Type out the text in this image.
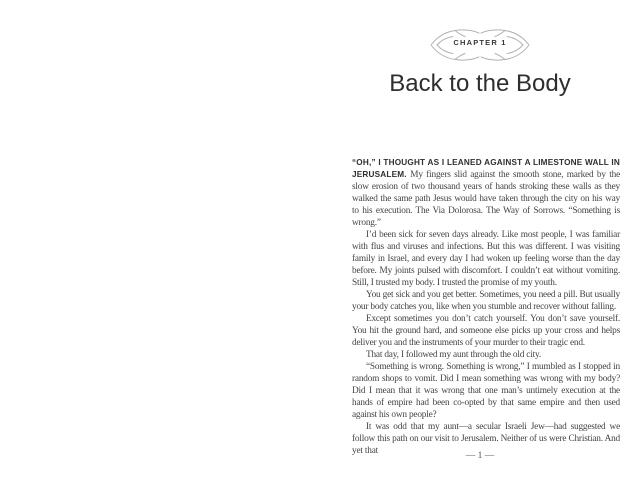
CHAPTER 1
Back to the Body

“OH,” I THOUGHT AS I LEANED AGAINST A LIMESTONE WALL IN JERUSALEM. My fingers slid against the smooth stone, marked by the slow erosion of two thousand years of hands stroking these walls as they walked the same path Jesus would have taken through the city on his way to his execution. The Via Dolorosa. The Way of Sorrows. “Something is wrong.”

I’d been sick for seven days already. Like most people, I was familiar with flus and viruses and infections. But this was different. I was visiting family in Israel, and every day I had woken up feeling worse than the day before. My joints pulsed with discomfort. I couldn’t eat without vomiting. Still, I trusted my body. I trusted the promise of my youth.

You get sick and you get better. Sometimes, you need a pill. But usually your body catches you, like when you stumble and recover without falling.

Except sometimes you don’t catch yourself. You don’t save yourself. You hit the ground hard, and someone else picks up your cross and helps deliver you and the instruments of your murder to their tragic end.

That day, I followed my aunt through the old city.

“Something is wrong. Something is wrong,” I mumbled as I stopped in random shops to vomit. Did I mean something was wrong with my body? Did I mean that it was wrong that one man’s untimely execution at the hands of empire had been co-opted by that same empire and then used against his own people?

It was odd that my aunt—a secular Israeli Jew—had suggested we follow this path on our visit to Jerusalem. Neither of us were Christian. And yet that	— 1 —
